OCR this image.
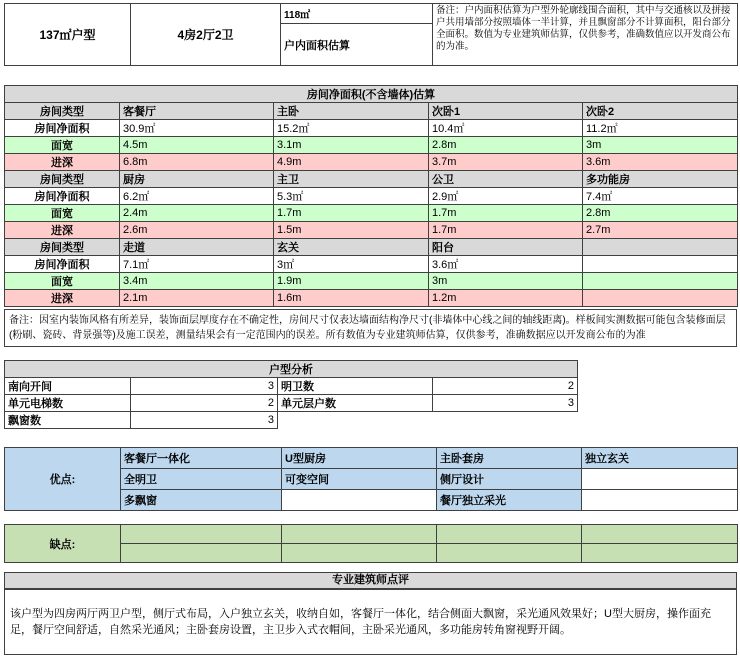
137㎡户型	4房2厅2卫	118㎡	备注：户内面积估算为户型外轮廓线围合面积，其中与交通核以及拼接户共用墙部分按照墙体一半计算，并且飘窗部分不计算面积，阳台部分全面积。数值为专业建筑师估算，仅供参考，准确数值应以开发商公布的为准。
户内面积估算
房间净面积(不含墙体)估算				
房间类型	客餐厅	主卧	次卧1	次卧2
房间净面积	30.9㎡	15.2㎡	10.4㎡	11.2㎡
面宽	4.5m	3.1m	2.8m	3m
进深	6.8m	4.9m	3.7m	3.6m
房间类型	厨房	主卫	公卫	多功能房
房间净面积	6.2㎡	5.3㎡	2.9㎡	7.4㎡
面宽	2.4m	1.7m	1.7m	2.8m
进深	2.6m	1.5m	1.7m	2.7m
房间类型	走道	玄关	阳台	
房间净面积	7.1㎡	3㎡	3.6㎡	
面宽	3.4m	1.9m	3m	
进深	2.1m	1.6m	1.2m	
备注：因室内装饰风格有所差异，装饰面层厚度存在不确定性，房间尺寸仅表达墙面结构净尺寸(非墙体中心线之间的轴线距离)。样板间实测数据可能包含装修面层(粉刷、瓷砖、背景强等)及施工误差，测量结果会有一定范围内的误差。所有数值为专业建筑师估算，仅供参考，准确数据应以开发商公布的为准
户型分析			
南向开间	3	明卫数	2
单元电梯数	2	单元层户数	3
飘窗数	3		
优点:	客餐厅一体化	U型厨房	主卧套房	独立玄关
	全明卫	可变空间	侧厅设计	
	多飘窗		餐厅独立采光	
缺点:				

专业建筑师点评
该户型为四房两厅两卫户型，侧厅式布局，入户独立玄关，收纳自如，客餐厅一体化，结合侧面大飘窗，采光通风效果好；U型大厨房，操作面充足，餐厅空间舒适，自然采光通风；主卧套房设置，主卫步入式衣帽间，主卧采光通风，多功能房转角窗视野开阔。
